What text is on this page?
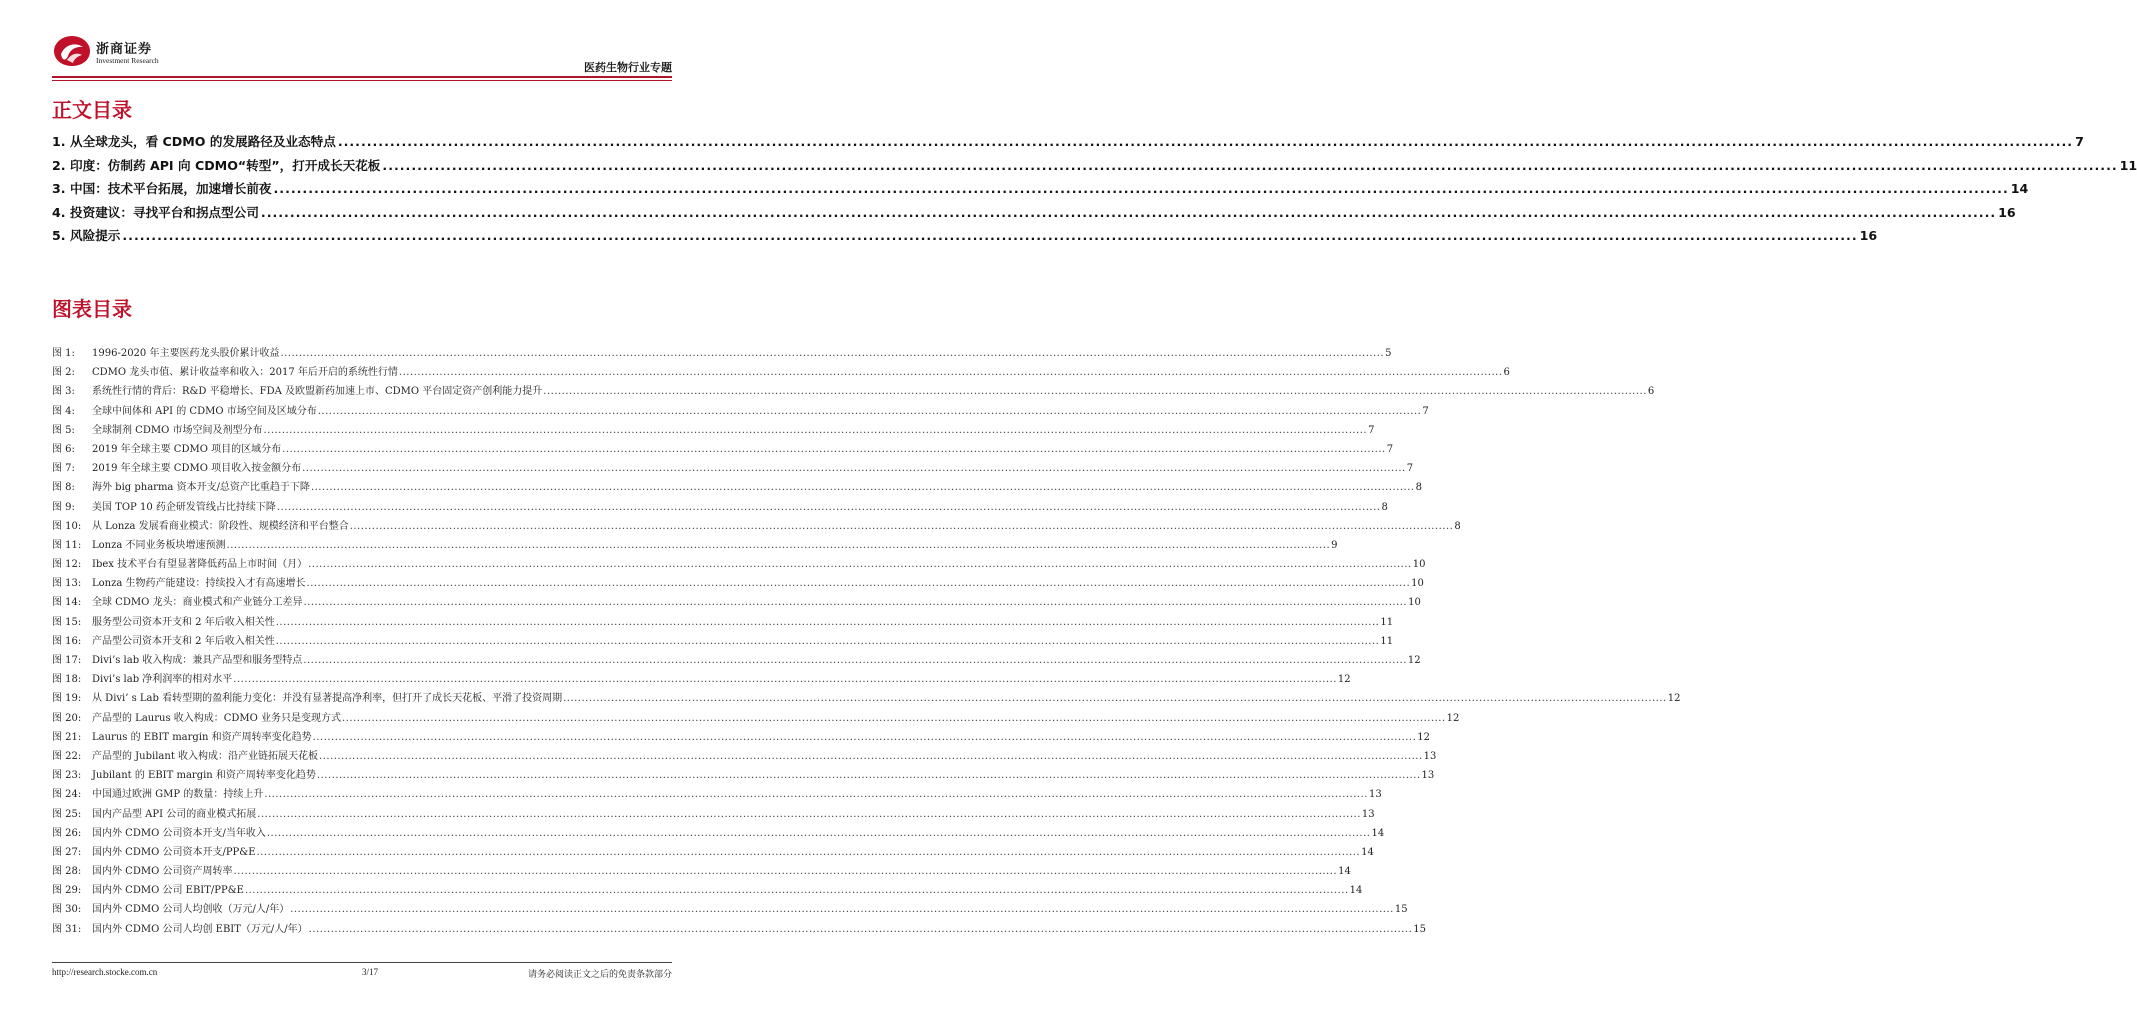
浙商证券
Investment Research
医药生物行业专题
正文目录
1. 从全球龙头，看 CDMO 的发展路径及业态特点 ............................................................................................................................................................................................................................................................................................................ 7
2. 印度：仿制药 API 向 CDMO“转型”，打开成长天花板 ............................................................................................................................................................................................................................................................................................................ 11
3. 中国：技术平台拓展，加速增长前夜 ............................................................................................................................................................................................................................................................................................................ 14
4. 投资建议：寻找平台和拐点型公司 ............................................................................................................................................................................................................................................................................................................ 16
5. 风险提示 ............................................................................................................................................................................................................................................................................................................ 16
图表目录
图 1:	1996-2020 年主要医药龙头股价累计收益 ............................................................................................................................................................................................................................................................................................................ 5
图 2:	CDMO 龙头市值、累计收益率和收入：2017 年后开启的系统性行情 ............................................................................................................................................................................................................................................................................................................ 6
图 3:	系统性行情的背后：R&D 平稳增长、FDA 及欧盟新药加速上市、CDMO 平台固定资产创利能力提升 ............................................................................................................................................................................................................................................................................................................ 6
图 4:	全球中间体和 API 的 CDMO 市场空间及区域分布 ............................................................................................................................................................................................................................................................................................................ 7
图 5:	全球制剂 CDMO 市场空间及剂型分布 ............................................................................................................................................................................................................................................................................................................ 7
图 6:	2019 年全球主要 CDMO 项目的区域分布 ............................................................................................................................................................................................................................................................................................................ 7
图 7:	2019 年全球主要 CDMO 项目收入按金额分布 ............................................................................................................................................................................................................................................................................................................ 7
图 8:	海外 big pharma 资本开支/总资产比重趋于下降 ............................................................................................................................................................................................................................................................................................................ 8
图 9:	美国 TOP 10 药企研发管线占比持续下降 ............................................................................................................................................................................................................................................................................................................ 8
图 10:	从 Lonza 发展看商业模式：阶段性、规模经济和平台整合 ............................................................................................................................................................................................................................................................................................................ 8
图 11:	Lonza 不同业务板块增速预测 ............................................................................................................................................................................................................................................................................................................ 9
图 12:	Ibex 技术平台有望显著降低药品上市时间（月） ............................................................................................................................................................................................................................................................................................................ 10
图 13:	Lonza 生物药产能建设：持续投入才有高速增长 ............................................................................................................................................................................................................................................................................................................ 10
图 14:	全球 CDMO 龙头：商业模式和产业链分工差异 ............................................................................................................................................................................................................................................................................................................ 10
图 15:	服务型公司资本开支和 2 年后收入相关性 ............................................................................................................................................................................................................................................................................................................ 11
图 16:	产品型公司资本开支和 2 年后收入相关性 ............................................................................................................................................................................................................................................................................................................ 11
图 17:	Divi’s lab 收入构成：兼具产品型和服务型特点 ............................................................................................................................................................................................................................................................................................................ 12
图 18:	Divi’s lab 净利润率的相对水平 ............................................................................................................................................................................................................................................................................................................ 12
图 19:	从 Divi’ s Lab 看转型期的盈利能力变化：并没有显著提高净利率，但打开了成长天花板、平滑了投资周期 ............................................................................................................................................................................................................................................................................................................ 12
图 20:	产品型的 Laurus 收入构成：CDMO 业务只是变现方式 ............................................................................................................................................................................................................................................................................................................ 12
图 21:	Laurus 的 EBIT margin 和资产周转率变化趋势 ............................................................................................................................................................................................................................................................................................................ 12
图 22:	产品型的 Jubilant 收入构成：沿产业链拓展天花板 ............................................................................................................................................................................................................................................................................................................ 13
图 23:	Jubilant 的 EBIT margin 和资产周转率变化趋势 ............................................................................................................................................................................................................................................................................................................ 13
图 24:	中国通过欧洲 GMP 的数量：持续上升 ............................................................................................................................................................................................................................................................................................................ 13
图 25:	国内产品型 API 公司的商业模式拓展 ............................................................................................................................................................................................................................................................................................................ 13
图 26:	国内外 CDMO 公司资本开支/当年收入 ............................................................................................................................................................................................................................................................................................................ 14
图 27:	国内外 CDMO 公司资本开支/PP&E ............................................................................................................................................................................................................................................................................................................ 14
图 28:	国内外 CDMO 公司资产周转率 ............................................................................................................................................................................................................................................................................................................ 14
图 29:	国内外 CDMO 公司 EBIT/PP&E ............................................................................................................................................................................................................................................................................................................ 14
图 30:	国内外 CDMO 公司人均创收（万元/人/年） ............................................................................................................................................................................................................................................................................................................ 15
图 31:	国内外 CDMO 公司人均创 EBIT（万元/人/年） ............................................................................................................................................................................................................................................................................................................ 15
http://research.stocke.com.cn	3/17	请务必阅读正文之后的免责条款部分
